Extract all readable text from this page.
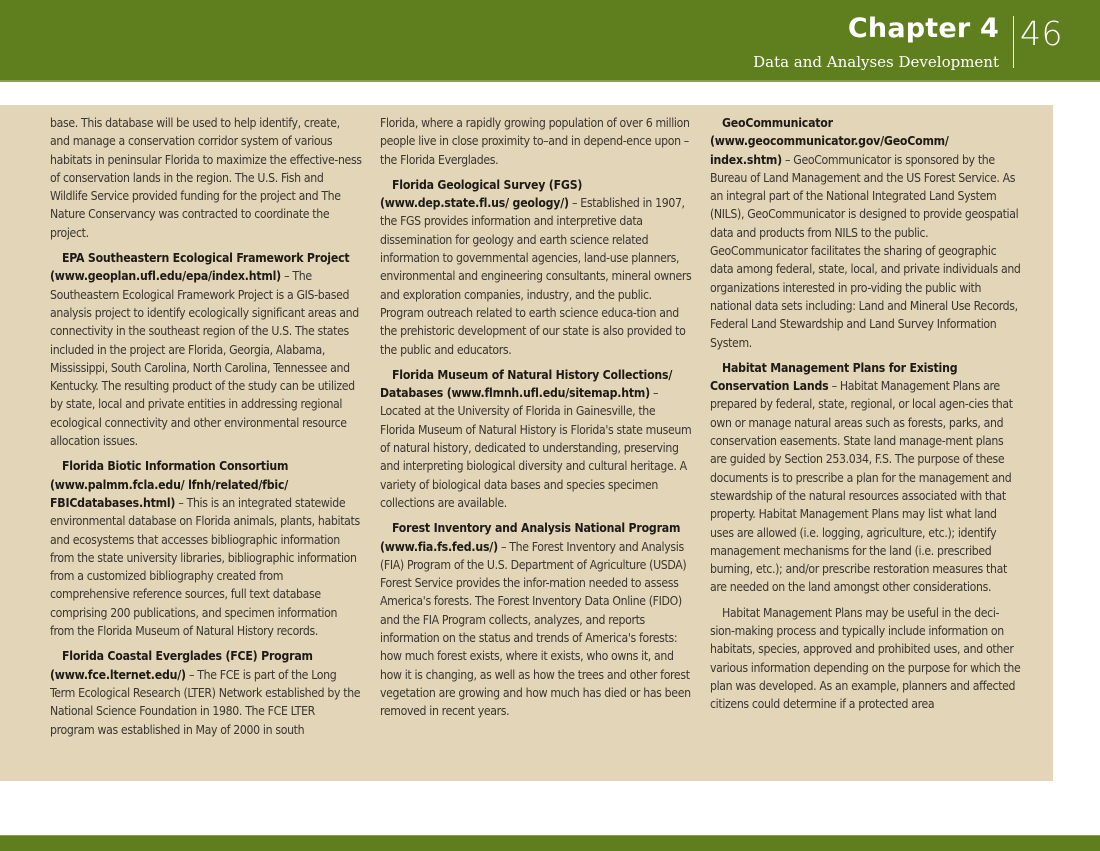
Chapter 4
Data and Analyses Development
46

base. This database will be used to help identify, create, and manage a conservation corridor system of various habitats in peninsular Florida to maximize the effective-ness of conservation lands in the region. The U.S. Fish and Wildlife Service provided funding for the project and The Nature Conservancy was contracted to coordinate the project.

EPA Southeastern Ecological Framework Project (www.geoplan.ufl.edu/epa/index.html) – The Southeastern Ecological Framework Project is a GIS-based analysis project to identify ecologically significant areas and connectivity in the southeast region of the U.S. The states included in the project are Florida, Georgia, Alabama, Mississippi, South Carolina, North Carolina, Tennessee and Kentucky. The resulting product of the study can be utilized by state, local and private entities in addressing regional ecological connectivity and other environmental resource allocation issues.

Florida Biotic Information Consortium (www.palmm.fcla.edu/ lfnh/related/fbic/ FBICdatabases.html) – This is an integrated statewide environmental database on Florida animals, plants, habitats and ecosystems that accesses bibliographic information from the state university libraries, bibliographic information from a customized bibliography created from comprehensive reference sources, full text database comprising 200 publications, and specimen information from the Florida Museum of Natural History records.

Florida Coastal Everglades (FCE) Program (www.fce.lternet.edu/) – The FCE is part of the Long Term Ecological Research (LTER) Network established by the National Science Foundation in 1980. The FCE LTER program was established in May of 2000 in south

Florida, where a rapidly growing population of over 6 million people live in close proximity to–and in depend-ence upon – the Florida Everglades.

Florida Geological Survey (FGS) (www.dep.state.fl.us/ geology/) – Established in 1907, the FGS provides information and interpretive data dissemination for geology and earth science related information to governmental agencies, land-use planners, environmental and engineering consultants, mineral owners and exploration companies, industry, and the public. Program outreach related to earth science educa-tion and the prehistoric development of our state is also provided to the public and educators.

Florida Museum of Natural History Collections/ Databases (www.flmnh.ufl.edu/sitemap.htm) – Located at the University of Florida in Gainesville, the Florida Museum of Natural History is Florida's state museum of natural history, dedicated to understanding, preserving and interpreting biological diversity and cultural heritage. A variety of biological data bases and species specimen collections are available.

Forest Inventory and Analysis National Program (www.fia.fs.fed.us/) – The Forest Inventory and Analysis (FIA) Program of the U.S. Department of Agriculture (USDA) Forest Service provides the infor-mation needed to assess America's forests. The Forest Inventory Data Online (FIDO) and the FIA Program collects, analyzes, and reports information on the status and trends of America's forests: how much forest exists, where it exists, who owns it, and how it is changing, as well as how the trees and other forest vegetation are growing and how much has died or has been removed in recent years.

GeoCommunicator (www.geocommunicator.gov/GeoComm/ index.shtm) – GeoCommunicator is sponsored by the Bureau of Land Management and the US Forest Service. As an integral part of the National Integrated Land System (NILS), GeoCommunicator is designed to provide geospatial data and products from NILS to the public. GeoCommunicator facilitates the sharing of geographic data among federal, state, local, and private individuals and organizations interested in pro-viding the public with national data sets including: Land and Mineral Use Records, Federal Land Stewardship and Land Survey Information System.

Habitat Management Plans for Existing Conservation Lands – Habitat Management Plans are prepared by federal, state, regional, or local agen-cies that own or manage natural areas such as forests, parks, and conservation easements. State land manage-ment plans are guided by Section 253.034, F.S. The purpose of these documents is to prescribe a plan for the management and stewardship of the natural resources associated with that property. Habitat Management Plans may list what land uses are allowed (i.e. logging, agriculture, etc.); identify management mechanisms for the land (i.e. prescribed burning, etc.); and/or prescribe restoration measures that are needed on the land amongst other considerations.

Habitat Management Plans may be useful in the deci-sion-making process and typically include information on habitats, species, approved and prohibited uses, and other various information depending on the purpose for which the plan was developed. As an example, planners and affected citizens could determine if a protected area
